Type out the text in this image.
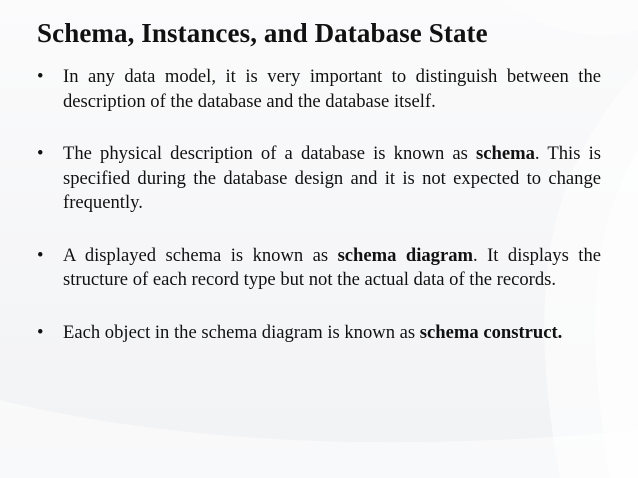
Schema, Instances, and Database State
• In any data model, it is very important to distinguish between the description of the database and the database itself.
• The physical description of a database is known as schema. This is specified during the database design and it is not expected to change frequently.
• A displayed schema is known as schema diagram. It displays the structure of each record type but not the actual data of the records.
• Each object in the schema diagram is known as schema construct.
